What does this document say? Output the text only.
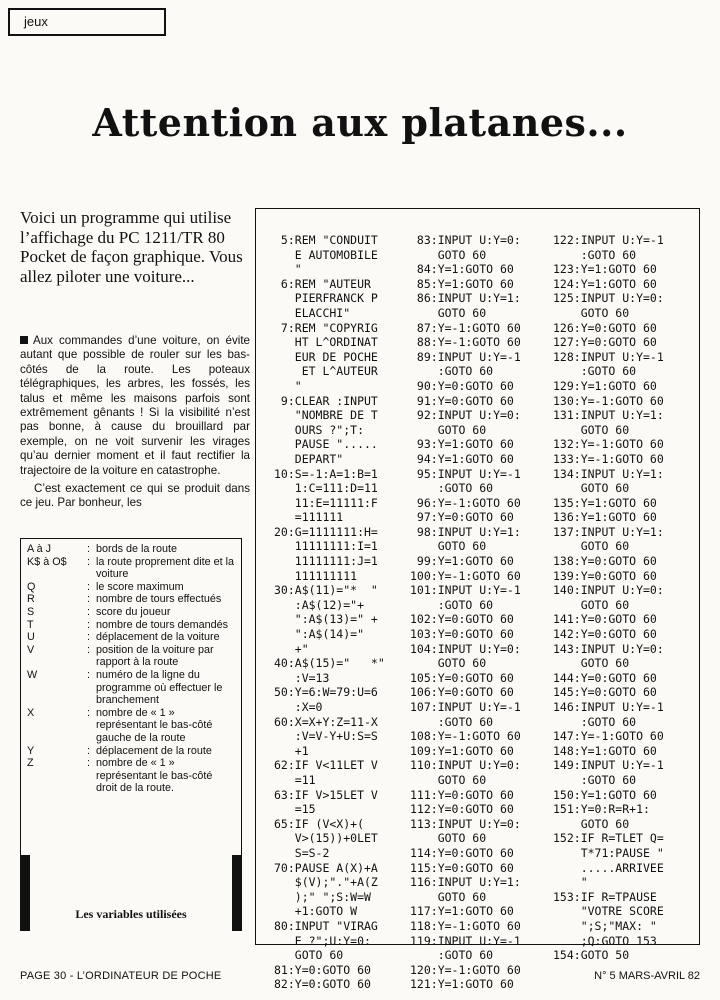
jeux
Attention aux platanes...
Voici un programme qui utilise l’affichage du PC 1211/TR 80 Pocket de façon graphique. Vous allez piloter une voiture...

Aux commandes d’une voiture, on évite autant que possible de rouler sur les bas-côtés de la route. Les poteaux télégraphiques, les arbres, les fossés, les talus et même les maisons parfois sont extrêmement gênants ! Si la visibilité n’est pas bonne, à cause du brouillard par exemple, on ne voit survenir les virages qu’au dernier moment et il faut rectifier la trajectoire de la voiture en catastrophe.

C’est exactement ce qui se produit dans ce jeu. Par bonheur, les

A à J	: bords de la route
K$ à O$	: la route proprement dite et la voiture
Q	: le score maximum
R	: nombre de tours effectués
S	: score du joueur
T	: nombre de tours demandés
U	: déplacement de la voiture
V	: position de la voiture par rapport à la route
W	: numéro de la ligne du programme où effectuer le branchement
X	: nombre de « 1 » représentant le bas-côté gauche de la route
Y	: déplacement de la route
Z	: nombre de « 1 » représentant le bas-côté droit de la route.
Les variables utilisées
5:REM "CONDUIT
E AUTOMOBILE
"
6:REM "AUTEUR
PIERFRANCK P
ELACCHI"
7:REM "COPYRIG
HT L^ORDINAT
EUR DE POCHE
ET L^AUTEUR
"
9:CLEAR :INPUT
"NOMBRE DE T
OURS ?";T:
PAUSE ".....
DEPART"
10:S=-1:A=1:B=1
1:C=111:D=11
11:E=11111:F
=111111
20:G=1111111:H=
11111111:I=1
11111111:J=1
111111111
30:A$(11)="*  "
:A$(12)="+
":A$(13)=" +
":A$(14)="
+"
40:A$(15)="   *"
:V=13
50:Y=6:W=79:U=6
:X=0
60:X=X+Y:Z=11-X
:V=V-Y+U:S=S
+1
62:IF V<11LET V
=11
63:IF V>15LET V
=15
65:IF (V<X)+(
V>(15))+0LET
S=S-2
70:PAUSE A(X)+A
$(V);"."+A(Z
);" ";S:W=W
+1:GOTO W
80:INPUT "VIRAG
E ?";U:Y=0:
GOTO 60
81:Y=0:GOTO 60
82:Y=0:GOTO 60
83:INPUT U:Y=0:
GOTO 60
84:Y=1:GOTO 60
85:Y=1:GOTO 60
86:INPUT U:Y=1:
GOTO 60
87:Y=-1:GOTO 60
88:Y=-1:GOTO 60
89:INPUT U:Y=-1
:GOTO 60
90:Y=0:GOTO 60
91:Y=0:GOTO 60
92:INPUT U:Y=0:
GOTO 60
93:Y=1:GOTO 60
94:Y=1:GOTO 60
95:INPUT U:Y=-1
:GOTO 60
96:Y=-1:GOTO 60
97:Y=0:GOTO 60
98:INPUT U:Y=1:
GOTO 60
99:Y=1:GOTO 60
100:Y=-1:GOTO 60
101:INPUT U:Y=-1
:GOTO 60
102:Y=0:GOTO 60
103:Y=0:GOTO 60
104:INPUT U:Y=0:
GOTO 60
105:Y=0:GOTO 60
106:Y=0:GOTO 60
107:INPUT U:Y=-1
:GOTO 60
108:Y=-1:GOTO 60
109:Y=1:GOTO 60
110:INPUT U:Y=0:
GOTO 60
111:Y=0:GOTO 60
112:Y=0:GOTO 60
113:INPUT U:Y=0:
GOTO 60
114:Y=0:GOTO 60
115:Y=0:GOTO 60
116:INPUT U:Y=1:
GOTO 60
117:Y=1:GOTO 60
118:Y=-1:GOTO 60
119:INPUT U:Y=-1
:GOTO 60
120:Y=-1:GOTO 60
121:Y=1:GOTO 60
122:INPUT U:Y=-1
:GOTO 60
123:Y=1:GOTO 60
124:Y=1:GOTO 60
125:INPUT U:Y=0:
GOTO 60
126:Y=0:GOTO 60
127:Y=0:GOTO 60
128:INPUT U:Y=-1
:GOTO 60
129:Y=1:GOTO 60
130:Y=-1:GOTO 60
131:INPUT U:Y=1:
GOTO 60
132:Y=-1:GOTO 60
133:Y=-1:GOTO 60
134:INPUT U:Y=1:
GOTO 60
135:Y=1:GOTO 60
136:Y=1:GOTO 60
137:INPUT U:Y=1:
GOTO 60
138:Y=0:GOTO 60
139:Y=0:GOTO 60
140:INPUT U:Y=0:
GOTO 60
141:Y=0:GOTO 60
142:Y=0:GOTO 60
143:INPUT U:Y=0:
GOTO 60
144:Y=0:GOTO 60
145:Y=0:GOTO 60
146:INPUT U:Y=-1
:GOTO 60
147:Y=-1:GOTO 60
148:Y=1:GOTO 60
149:INPUT U:Y=-1
:GOTO 60
150:Y=1:GOTO 60
151:Y=0:R=R+1:
GOTO 60
152:IF R=TLET Q=
T*71:PAUSE "
.....ARRIVEE
"
153:IF R=TPAUSE
"VOTRE SCORE
";S;"MAX: "
;Q:GOTO 153
154:GOTO 50
PAGE 30 - L’ORDINATEUR DE POCHE	N° 5 MARS-AVRIL 82
